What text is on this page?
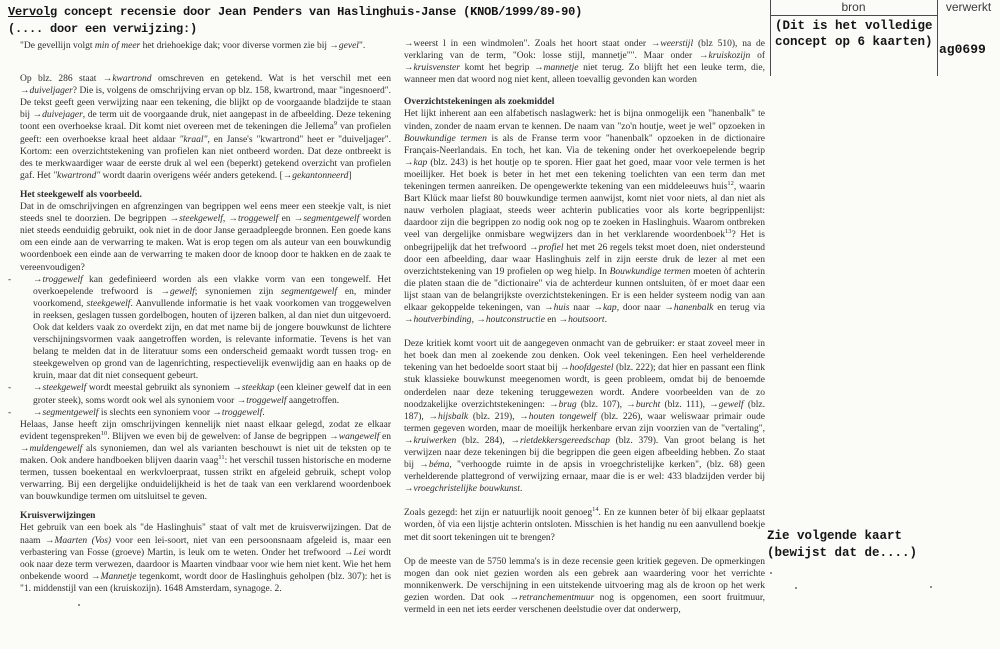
Vervolg concept recensie door Jean Penders van Haslinghuis-Janse (KNOB/1999/89-90)
(.... door een verwijzing:)
bron	verwerkt
(Dit is het volledige
concept op 6 kaarten) ag0699
Zie volgende kaart
(bewijst dat de....)

"De gevellijn volgt min of meer het driehoekige dak; voor diverse vormen zie bij →gevel".

Op blz. 286 staat →kwartrond omschreven en getekend. Wat is het verschil met een →duiveljager? Die is, volgens de omschrijving ervan op blz. 158, kwartrond, maar "ingesnoerd". De tekst geeft geen verwijzing naar een tekening, die blijkt op de voorgaande bladzijde te staan bij →duivejager, de term uit de voorgaande druk, niet aangepast in de afbeelding. Deze tekening toont een overhoekse kraal. Dit komt niet overeen met de tekeningen die Jellema$^9$ van profielen geeft: een overhoekse kraal heet aldaar "kraal", en Janse's "kwartrond" heet er "duiveljager". Kortom: een overzichtstekening van profielen kan niet ontbeerd worden. Dat deze ontbreekt is des te merkwaardiger waar de eerste druk al wel een (beperkt) getekend overzicht van profielen gaf. Het "kwartrond" wordt daarin overigens wéér anders getekend. [→gekantonneerd]

Het steekgewelf als voorbeeld.

Dat in de omschrijvingen en afgrenzingen van begrippen wel eens meer een steekje valt, is niet steeds snel te doorzien. De begrippen →steekgewelf, →troggewelf en →segmentgewelf worden niet steeds eenduidig gebruikt, ook niet in de door Janse geraadpleegde bronnen. Een goede kans om een einde aan de verwarring te maken. Wat is erop tegen om als auteur van een bouwkundig woordenboek een einde aan de verwarring te maken door de knoop door te hakken en de zaak te vereenvoudigen?

- →troggewelf kan gedefinieerd worden als een vlakke vorm van een tongewelf. Het overkoepelende trefwoord is →gewelf; synoniemen zijn segmentgewelf en, minder voorkomend, steekgewelf. Aanvullende informatie is het vaak voorkomen van troggewelven in reeksen, geslagen tussen gordelbogen, houten of ijzeren balken, al dan niet dun uitgevoerd. Ook dat kelders vaak zo overdekt zijn, en dat met name bij de jongere bouwkunst de lichtere verschijningsvormen vaak aangetroffen worden, is relevante informatie. Tevens is het van belang te melden dat in de literatuur soms een onderscheid gemaakt wordt tussen trog- en steekgewelven op grond van de lagenrichting, respectievelijk evenwijdig aan en haaks op de kruin, maar dat dit niet consequent gebeurt.
- →steekgewelf wordt meestal gebruikt als synoniem →steekkap (een kleiner gewelf dat in een groter steek), soms wordt ook wel als synoniem voor →troggewelf aangetroffen.
- →segmentgewelf is slechts een synoniem voor →troggewelf.

Helaas, Janse heeft zijn omschrijvingen kennelijk niet naast elkaar gelegd, zodat ze elkaar evident tegenspreken$^{10}$. Blijven we even bij de gewelven: of Janse de begrippen →wangewelf en →muldengewelf als synoniemen, dan wel als varianten beschouwt is niet uit de teksten op te maken. Ook andere handboeken blijven daarin vaag$^{11}$: het verschil tussen historische en moderne termen, tussen boekentaal en werkvloerpraat, tussen strikt en afgeleid gebruik, schept volop verwarring. Bij een dergelijke onduidelijkheid is het de taak van een verklarend woordenboek van bouwkundige termen om uitsluitsel te geven.

Kruisverwijzingen

Het gebruik van een boek als "de Haslinghuis" staat of valt met de kruisverwijzingen. Dat de naam →Maarten (Vos) voor een lei-soort, niet van een persoonsnaam afgeleid is, maar een verbastering van Fosse (groeve) Martin, is leuk om te weten. Onder het trefwoord →Lei wordt ook naar deze term verwezen, daardoor is Maarten vindbaar voor wie hem niet kent. Wie het hem onbekende woord →Mannetje tegenkomt, wordt door de Haslinghuis geholpen (blz. 307): het is "1. middenstijl van een (kruiskozijn). 1648 Amsterdam, synagoge. 2.

→weerst l in een windmolen". Zoals het hoort staat onder →weerstijl (blz 510), na de verklaring van de term, "Ook: losse stijl, mannetje"". Maar onder →kruiskozijn of →kruisvenster komt het begrip →mannetje niet terug. Zo blijft het een leuke term, die, wanneer men dat woord nog niet kent, alleen toevallig gevonden kan worden

Overzichtstekeningen als zoekmiddel

Het lijkt inherent aan een alfabetisch naslagwerk: het is bijna onmogelijk een "hanenbalk" te vinden, zonder de naam ervan te kennen. De naam van "zo'n houtje, weet je wel" opzoeken in Bouwkundige termen is als de Franse term voor "hanenbalk" opzoeken in de dictionaire Français-Neerlandais. En toch, het kan. Via de tekening onder het overkoepelende begrip →kap (blz. 243) is het houtje op te sporen. Hier gaat het goed, maar voor vele termen is het moeilijker. Het boek is beter in het met een tekening toelichten van een term dan met tekeningen termen aanreiken. De opengewerkte tekening van een middeleeuws huis$^{12}$, waarin Bart Klück maar liefst 80 bouwkundige termen aanwijst, komt niet voor niets, al dan niet als nauw verholen plagiaat, steeds weer achterin publicaties voor als korte begrippenlijst: daardoor zijn die begrippen zo nodig ook nog op te zoeken in Haslinghuis. Waarom ontbreken veel van dergelijke onmisbare wegwijzers dan in het verklarende woordenboek$^{13}$? Het is onbegrijpelijk dat het trefwoord →profiel het met 26 regels tekst moet doen, niet ondersteund door een afbeelding, daar waar Haslinghuis zelf in zijn eerste druk de lezer al met een overzichtstekening van 19 profielen op weg hielp. In Bouwkundige termen moeten òf achterin die platen staan die de "dictionaire" via de achterdeur kunnen ontsluiten, òf er moet daar een lijst staan van de belangrijkste overzichtstekeningen. Er is een helder systeem nodig van aan elkaar gekoppelde tekeningen, van →huis naar →kap, door naar →hanenbalk en terug via →houtverbinding, →houtconstructie en →houtsoort.

Deze kritiek komt voort uit de aangegeven onmacht van de gebruiker: er staat zoveel meer in het boek dan men al zoekende zou denken. Ook veel tekeningen. Een heel verhelderende tekening van het bedoelde soort staat bij →hoofdgestel (blz. 222); dat hier en passant een flink stuk klassieke bouwkunst meegenomen wordt, is geen probleem, omdat bij de benoemde onderdelen naar deze tekening teruggewezen wordt. Andere voorbeelden van de zo noodzakelijke overzichtstekeningen: →brug (blz. 107), →burcht (blz. 111), →gewelf (blz. 187), →hijsbalk (blz. 219), →houten tongewelf (blz. 226), waar weliswaar primair oude termen gegeven worden, maar de moeilijk herkenbare ervan zijn voorzien van de "vertaling", →kruiwerken (blz. 284), →rietdekkersgereedschap (blz. 379). Van groot belang is het verwijzen naar deze tekeningen bij die begrippen die geen eigen afbeelding hebben. Zo staat bij →béma, "verhoogde ruimte in de apsis in vroegchristelijke kerken", (blz. 68) geen verhelderende plattegrond of verwijzing ernaar, maar die is er wel: 433 bladzijden verder bij →vroegchristelijke bouwkunst.

Zoals gezegd: het zijn er natuurlijk nooit genoeg$^{14}$. En ze kunnen beter òf bij elkaar geplaatst worden, òf via een lijstje achterin ontsloten. Misschien is het handig nu een aanvullend boekje met dit soort tekeningen uit te brengen?

Op de meeste van de 5750 lemma's is in deze recensie geen kritiek gegeven. De opmerkingen mogen dan ook niet gezien worden als een gebrek aan waardering voor het verrichte monnikenwerk. De verschijning in een uitstekende uitvoering mag als de kroon op het werk gezien worden. Dat ook →retranchementmuur nog is opgenomen, een soort fruitmuur, vermeld in een net iets eerder verschenen deelstudie over dat onderwerp,
